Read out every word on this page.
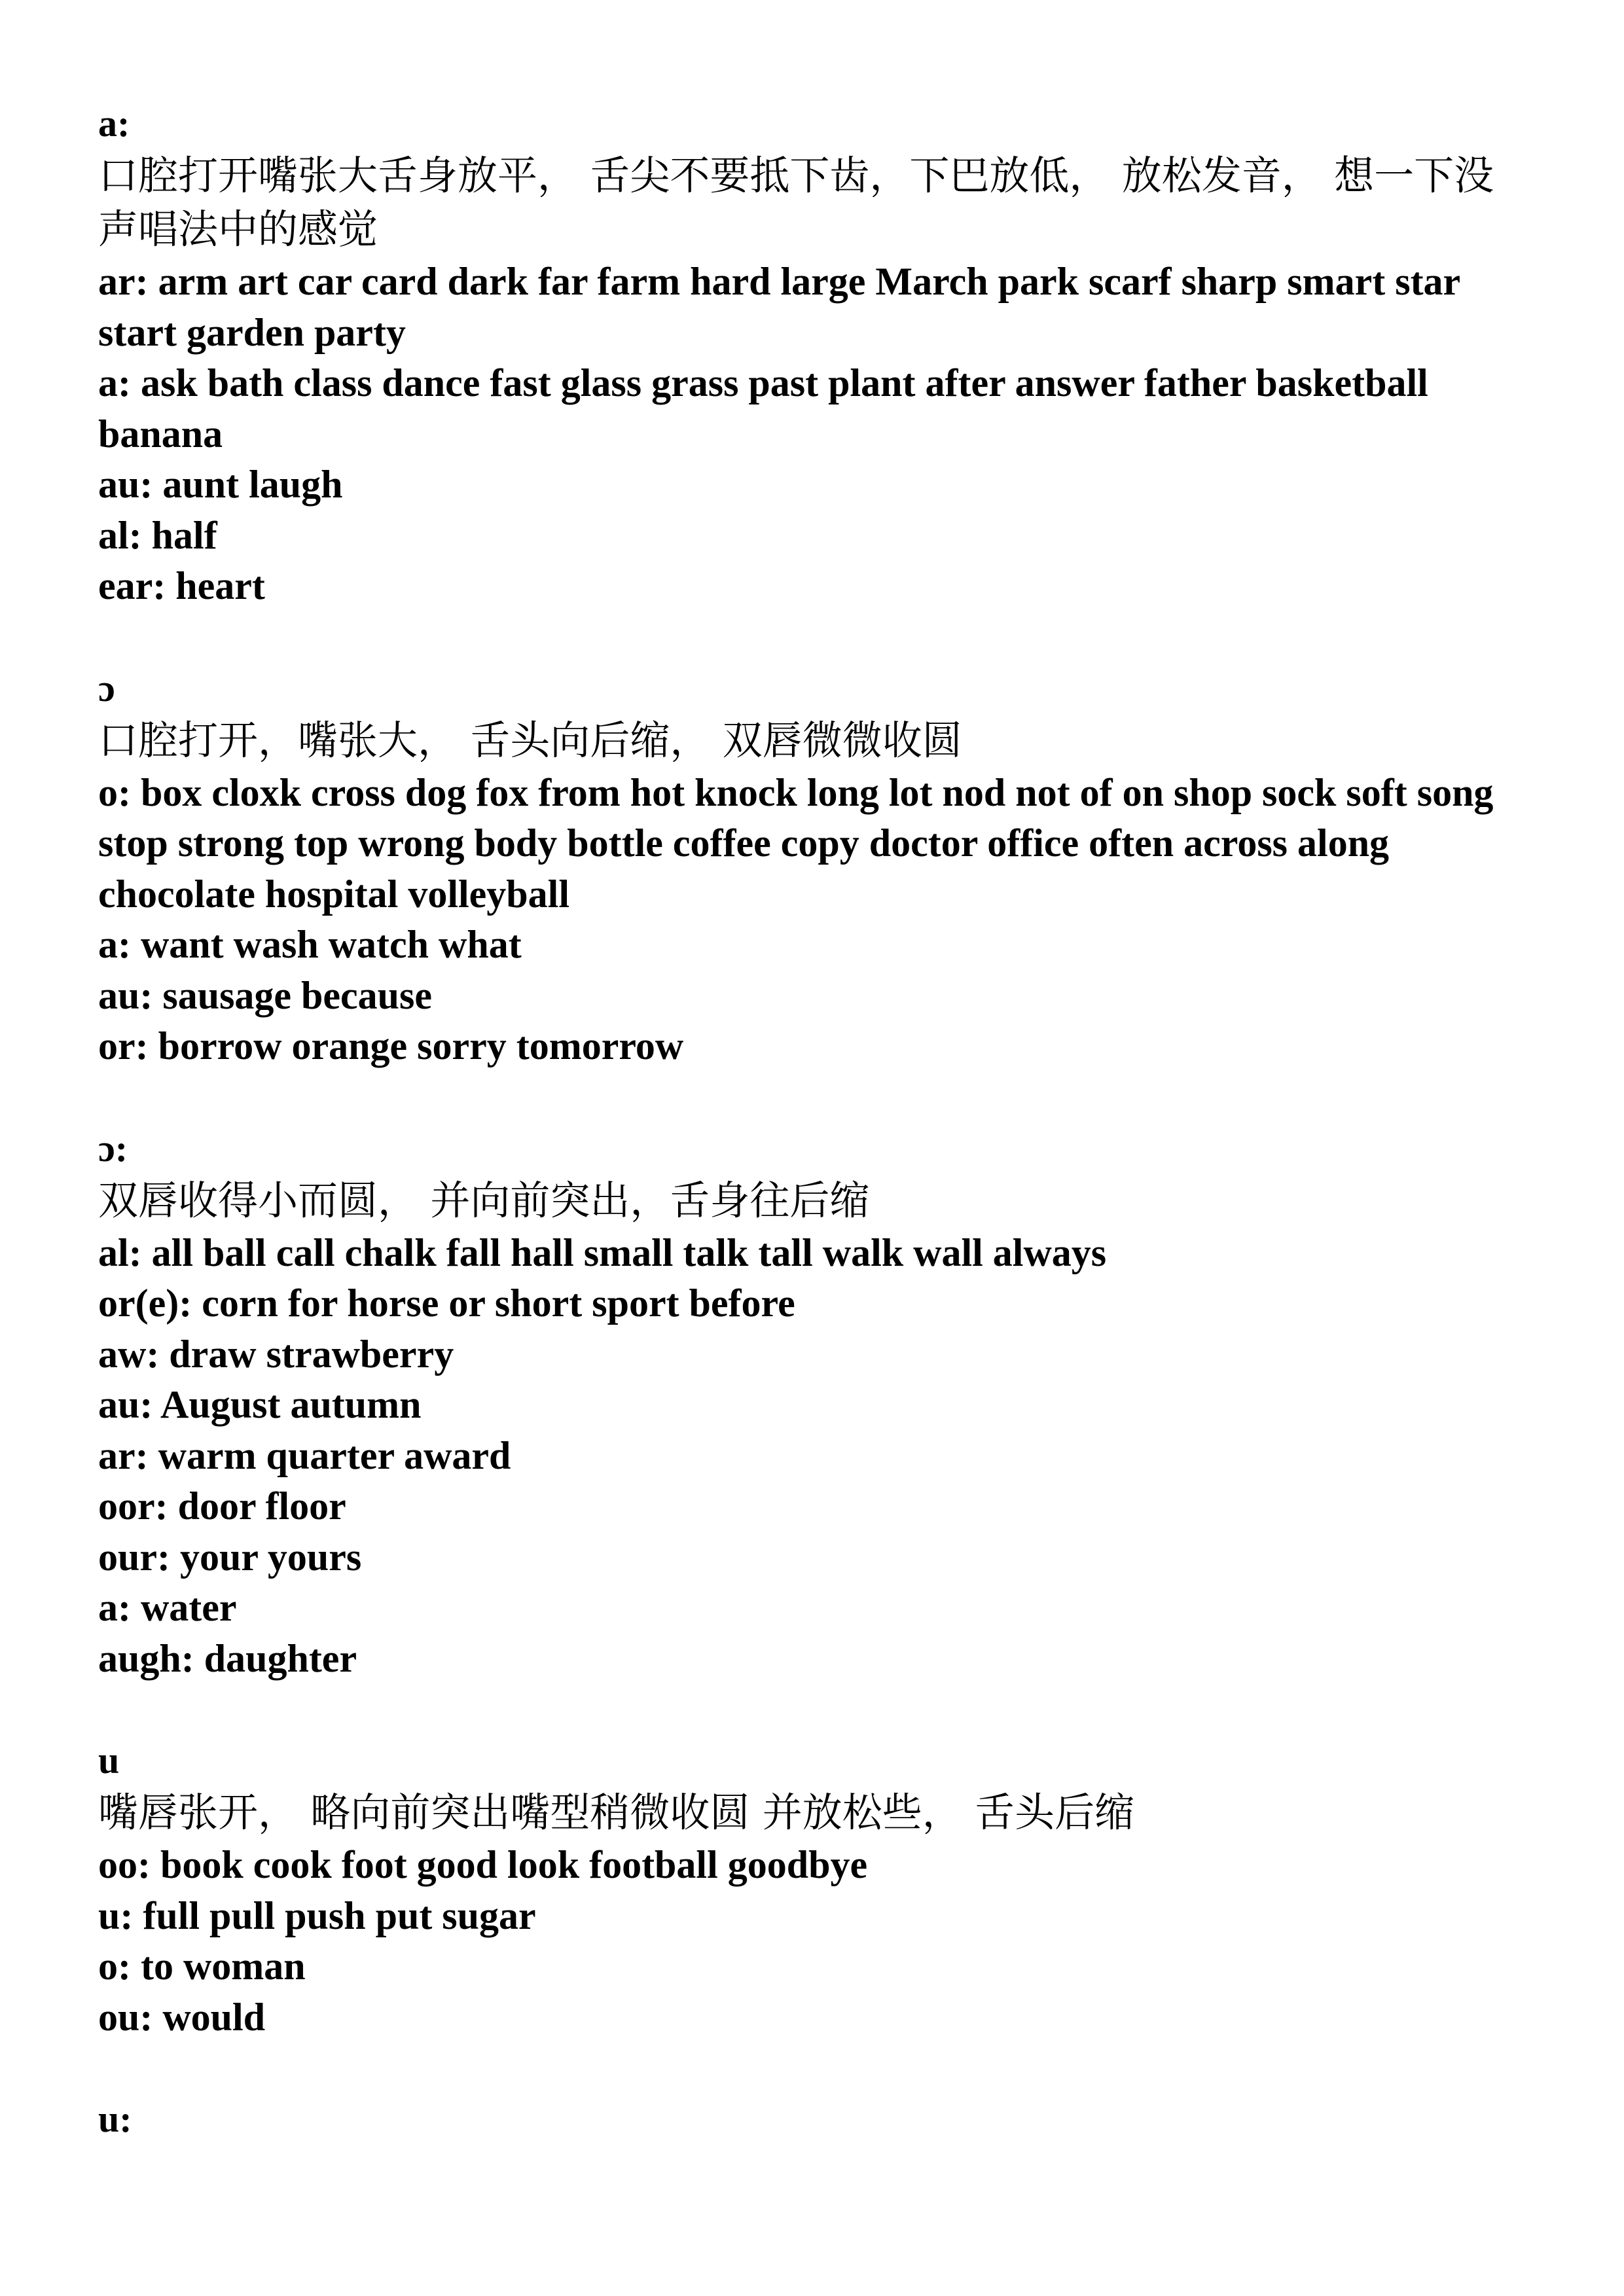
a:
口腔打开嘴张大舌身放平， 舌尖不要抵下齿，下巴放低， 放松发音， 想一下没声唱法中的感觉
ar: arm art car card dark far farm hard large March park scarf sharp smart star start garden party
a: ask bath class dance fast glass grass past plant after answer father basketball banana
au: aunt laugh
al: half
ear: heart
ɔ
口腔打开，嘴张大， 舌头向后缩， 双唇微微收圆
o: box cloxk cross dog fox from hot knock long lot nod not of on shop sock soft song stop strong top wrong body bottle coffee copy doctor office often across along chocolate hospital volleyball
a: want wash watch what
au: sausage because
or: borrow orange sorry tomorrow
ɔ:
双唇收得小而圆， 并向前突出，舌身往后缩
al: all ball call chalk fall hall small talk tall walk wall always
or(e): corn for horse or short sport before
aw: draw strawberry
au: August autumn
ar: warm quarter award
oor: door floor
our: your yours
a: water
augh: daughter
u
嘴唇张开， 略向前突出嘴型稍微收圆 并放松些， 舌头后缩
oo: book cook foot good look football goodbye
u: full pull push put sugar
o: to woman
ou: would
u:
